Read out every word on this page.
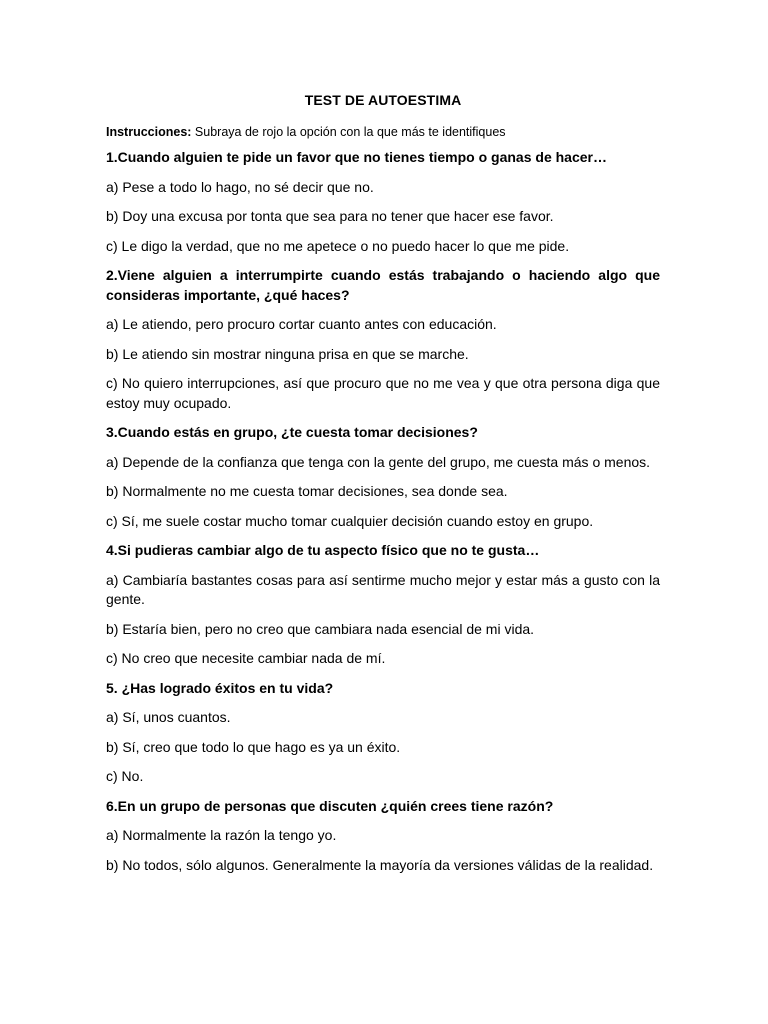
TEST DE AUTOESTIMA
Instrucciones: Subraya de rojo la opción con la que más te identifiques
1.Cuando alguien te pide un favor que no tienes tiempo o ganas de hacer…
a) Pese a todo lo hago, no sé decir que no.
b) Doy una excusa por tonta que sea para no tener que hacer ese favor.
c) Le digo la verdad, que no me apetece o no puedo hacer lo que me pide.
2.Viene alguien a interrumpirte cuando estás trabajando o haciendo algo que consideras importante, ¿qué haces?
a) Le atiendo, pero procuro cortar cuanto antes con educación.
b) Le atiendo sin mostrar ninguna prisa en que se marche.
c) No quiero interrupciones, así que procuro que no me vea y que otra persona diga que estoy muy ocupado.
3.Cuando estás en grupo, ¿te cuesta tomar decisiones?
a) Depende de la confianza que tenga con la gente del grupo, me cuesta más o menos.
b) Normalmente no me cuesta tomar decisiones, sea donde sea.
c) Sí, me suele costar mucho tomar cualquier decisión cuando estoy en grupo.
4.Si pudieras cambiar algo de tu aspecto físico que no te gusta…
a) Cambiaría bastantes cosas para así sentirme mucho mejor y estar más a gusto con la gente.
b) Estaría bien, pero no creo que cambiara nada esencial de mi vida.
c) No creo que necesite cambiar nada de mí.
5. ¿Has logrado éxitos en tu vida?
a) Sí, unos cuantos.
b) Sí, creo que todo lo que hago es ya un éxito.
c) No.
6.En un grupo de personas que discuten ¿quién crees tiene razón?
a) Normalmente la razón la tengo yo.
b) No todos, sólo algunos. Generalmente la mayoría da versiones válidas de la realidad.
